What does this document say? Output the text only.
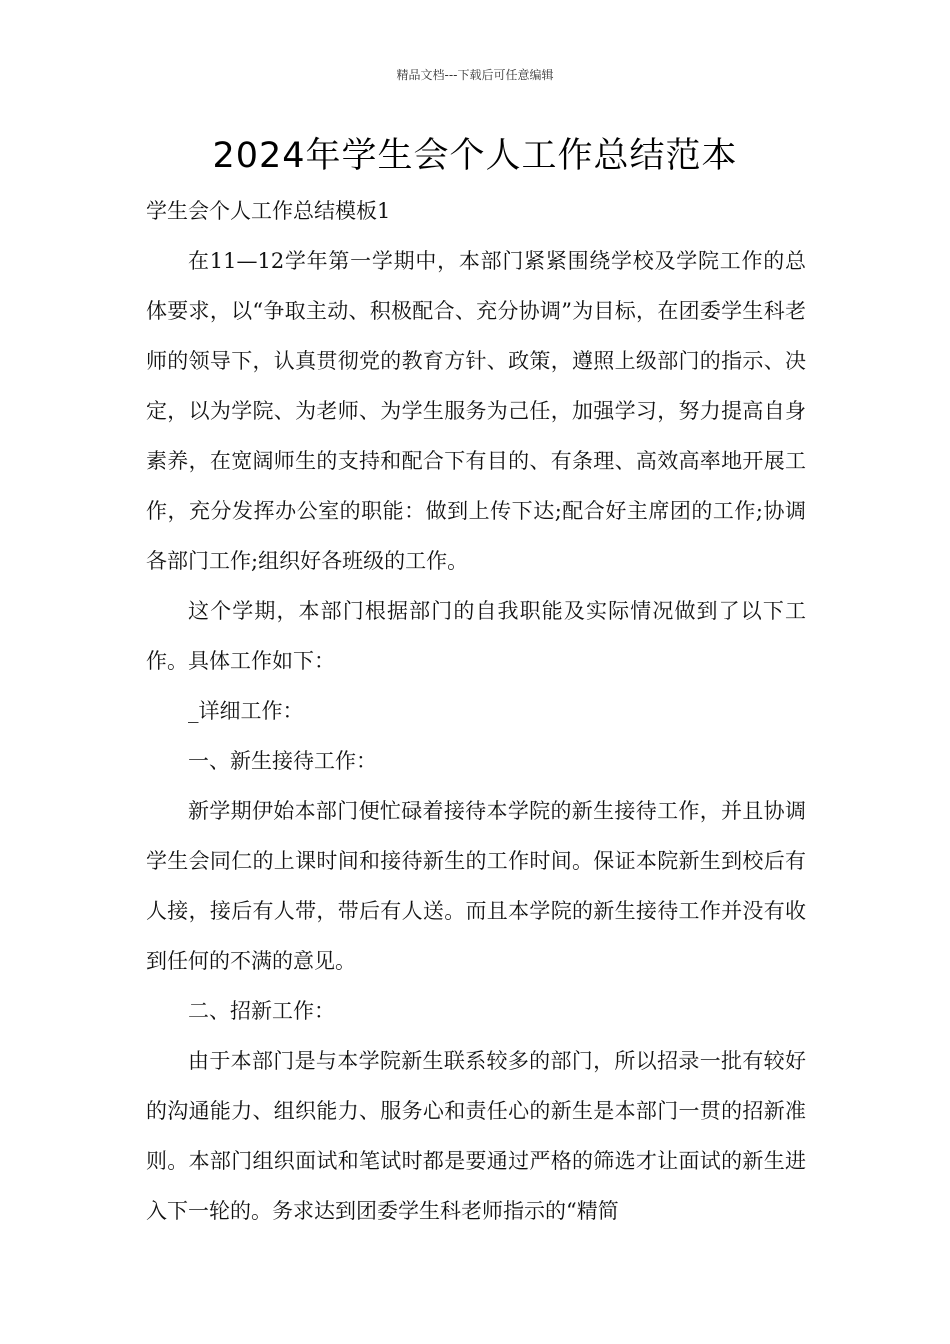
精品文档---下载后可任意编辑
2024年学生会个人工作总结范本

学生会个人工作总结模板1

在11—12学年第一学期中，本部门紧紧围绕学校及学院工作的总体要求，以“争取主动、积极配合、充分协调”为目标，在团委学生科老师的领导下，认真贯彻党的教育方针、政策，遵照上级部门的指示、决定，以为学院、为老师、为学生服务为己任，加强学习，努力提高自身素养，在宽阔师生的支持和配合下有目的、有条理、高效高率地开展工作，充分发挥办公室的职能：做到上传下达;配合好主席团的工作;协调各部门工作;组织好各班级的工作。

这个学期，本部门根据部门的自我职能及实际情况做到了以下工作。具体工作如下：

_详细工作：

一、新生接待工作：

新学期伊始本部门便忙碌着接待本学院的新生接待工作，并且协调学生会同仁的上课时间和接待新生的工作时间。保证本院新生到校后有人接，接后有人带，带后有人送。而且本学院的新生接待工作并没有收到任何的不满的意见。

二、招新工作：

由于本部门是与本学院新生联系较多的部门，所以招录一批有较好的沟通能力、组织能力、服务心和责任心的新生是本部门一贯的招新准则。本部门组织面试和笔试时都是要通过严格的筛选才让面试的新生进入下一轮的。务求达到团委学生科老师指示的“精简
